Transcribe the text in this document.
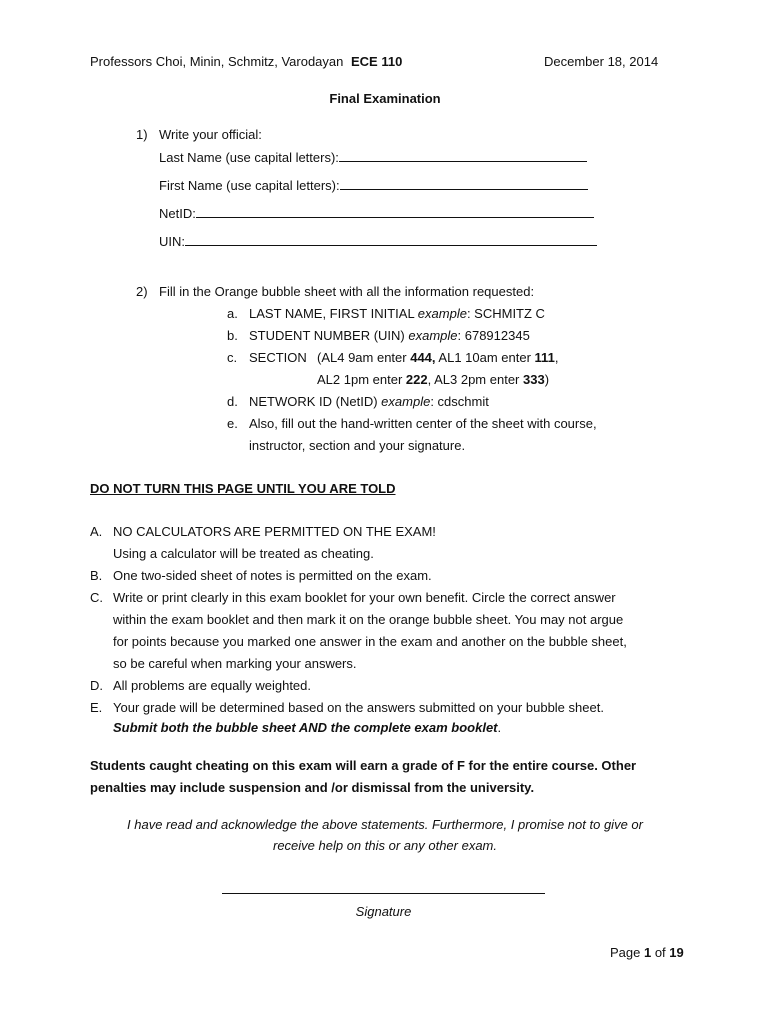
Professors Choi, Minin, Schmitz, Varodayan ECE 110	December 18, 2014
Final Examination
1) Write your official:
Last Name (use capital letters):
First Name (use capital letters):
NetID:
UIN:
2) Fill in the Orange bubble sheet with all the information requested:
a. LAST NAME, FIRST INITIAL example: SCHMITZ C
b. STUDENT NUMBER (UIN) example: 678912345
c. SECTION (AL4 9am enter 444, AL1 10am enter 111,
AL2 1pm enter 222, AL3 2pm enter 333)
d. NETWORK ID (NetID) example: cdschmit
e. Also, fill out the hand-written center of the sheet with course,
instructor, section and your signature.
DO NOT TURN THIS PAGE UNTIL YOU ARE TOLD
A. NO CALCULATORS ARE PERMITTED ON THE EXAM!
Using a calculator will be treated as cheating.
B. One two-sided sheet of notes is permitted on the exam.
C. Write or print clearly in this exam booklet for your own benefit. Circle the correct answer
within the exam booklet and then mark it on the orange bubble sheet. You may not argue
for points because you marked one answer in the exam and another on the bubble sheet,
so be careful when marking your answers.
D. All problems are equally weighted.
E. Your grade will be determined based on the answers submitted on your bubble sheet.
Submit both the bubble sheet AND the complete exam booklet.
Students caught cheating on this exam will earn a grade of F for the entire course. Other
penalties may include suspension and /or dismissal from the university.
I have read and acknowledge the above statements. Furthermore, I promise not to give or
receive help on this or any other exam.
Signature
Page 1 of 19
